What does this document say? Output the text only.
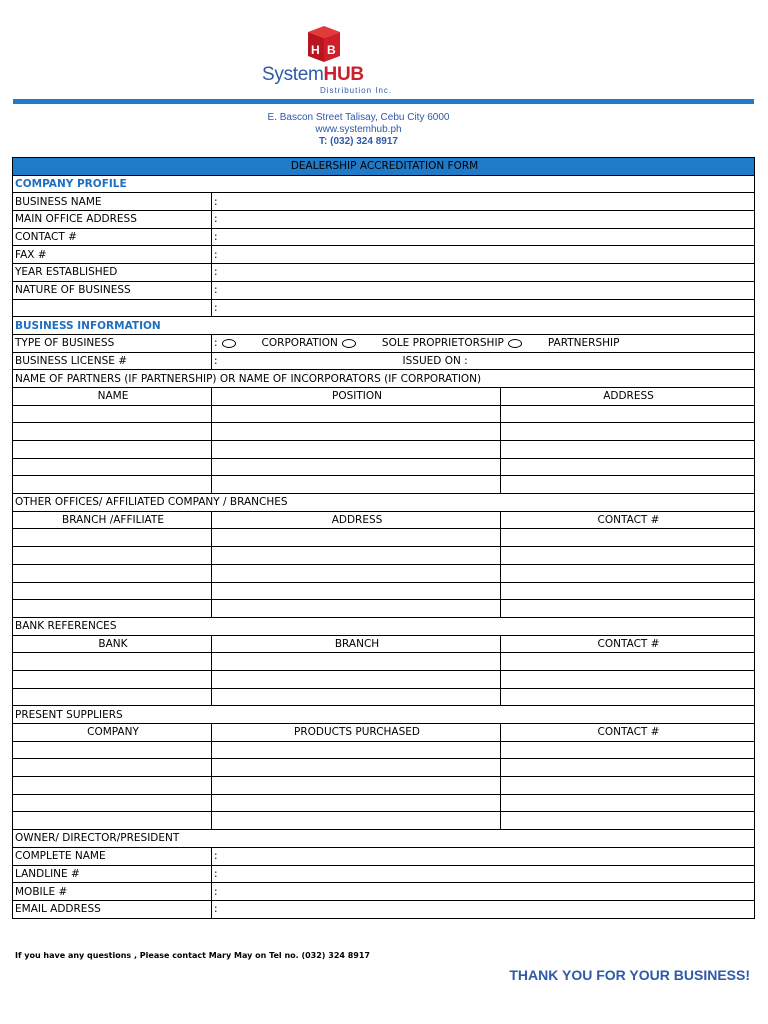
H B
SystemHUB
Distribution Inc.
E. Bascon Street Talisay, Cebu City 6000
www.systemhub.ph
T: (032) 324 8917
DEALERSHIP ACCREDITATION FORM		
COMPANY PROFILE		
BUSINESS NAME	:	
MAIN OFFICE ADDRESS	:	
CONTACT #	:	
FAX #	:	
YEAR ESTABLISHED	:	
NATURE OF BUSINESS	:	
	:	
BUSINESS INFORMATION		
TYPE OF BUSINESS	: CORPORATION SOLE PROPRIETORSHIP PARTNERSHIP	
BUSINESS LICENSE #	: ISSUED ON :	
NAME OF PARTNERS (IF PARTNERSHIP) OR NAME OF INCORPORATORS (IF CORPORATION)		
NAME	POSITION	ADDRESS

OTHER OFFICES/ AFFILIATED COMPANY / BRANCHES		
BRANCH /AFFILIATE	ADDRESS	CONTACT #

BANK REFERENCES		
BANK	BRANCH	CONTACT #

PRESENT SUPPLIERS		
COMPANY	PRODUCTS PURCHASED	CONTACT #

OWNER/ DIRECTOR/PRESIDENT		
COMPLETE NAME	:	
LANDLINE #	:	
MOBILE #	:	
EMAIL ADDRESS	:	
If you have any questions , Please contact Mary May on Tel no. (032) 324 8917
THANK YOU FOR YOUR BUSINESS!
